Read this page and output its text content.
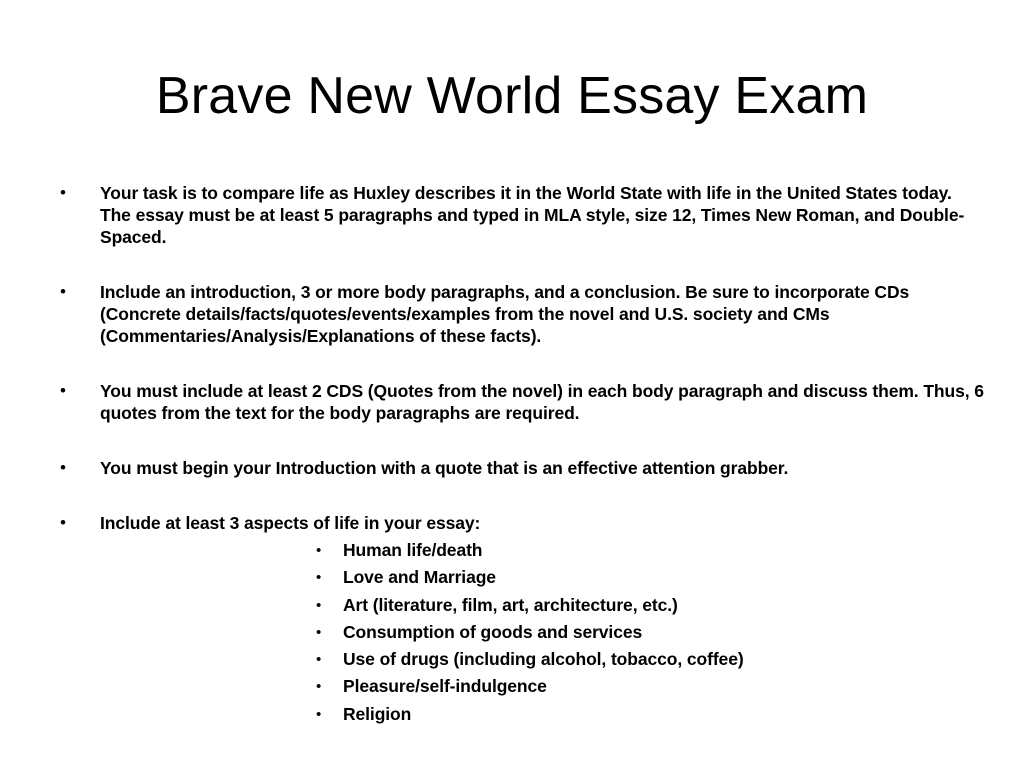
Brave New World Essay Exam
•	Your task is to compare life as Huxley describes it in the World State with life in the United States today. The essay must be at least 5 paragraphs and typed in MLA style, size 12, Times New Roman, and Double-Spaced.
•	Include an introduction, 3 or more body paragraphs, and a conclusion. Be sure to incorporate CDs (Concrete details/facts/quotes/events/examples from the novel and U.S. society and CMs (Commentaries/Analysis/Explanations of these facts).
•	You must include at least 2 CDS (Quotes from the novel) in each body paragraph and discuss them. Thus, 6 quotes from the text for the body paragraphs are required.
•	You must begin your Introduction with a quote that is an effective attention grabber.
•	Include at least 3 aspects of life in your essay:
• Human life/death
• Love and Marriage
• Art (literature, film, art, architecture, etc.)
• Consumption of goods and services
• Use of drugs (including alcohol, tobacco, coffee)
• Pleasure/self-indulgence
• Religion
